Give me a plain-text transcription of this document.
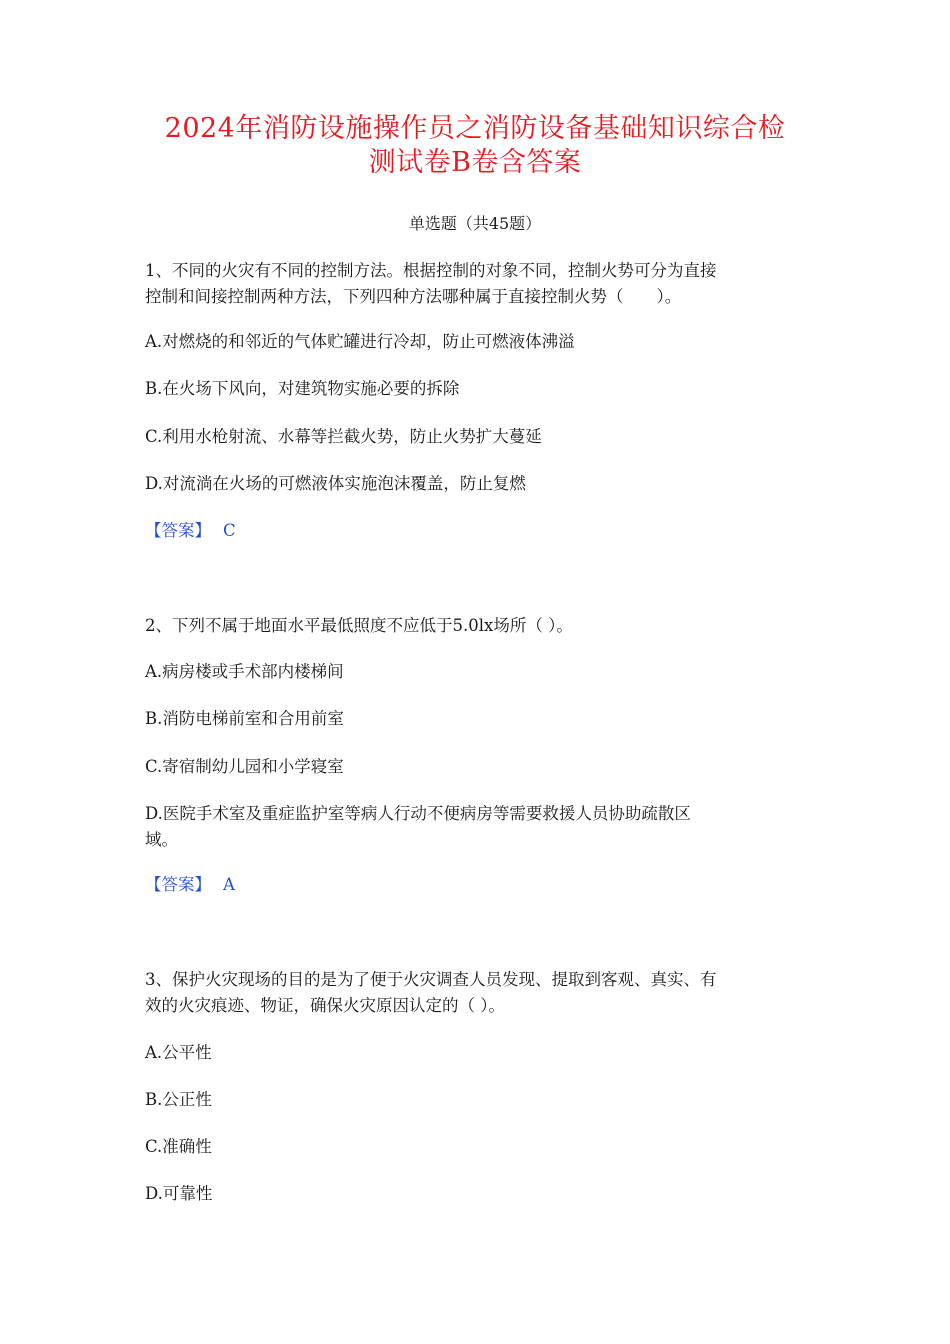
2024年消防设施操作员之消防设备基础知识综合检
测试卷B卷含答案
单选题（共45题）
1、不同的火灾有不同的控制方法。根据控制的对象不同，控制火势可分为直接
控制和间接控制两种方法，下列四种方法哪种属于直接控制火势（　　）。
A.对燃烧的和邻近的气体贮罐进行冷却，防止可燃液体沸溢
B.在火场下风向，对建筑物实施必要的拆除
C.利用水枪射流、水幕等拦截火势，防止火势扩大蔓延
D.对流淌在火场的可燃液体实施泡沫覆盖，防止复燃
【答案】 C
2、下列不属于地面水平最低照度不应低于5.0lx场所（ ）。
A.病房楼或手术部内楼梯间
B.消防电梯前室和合用前室
C.寄宿制幼儿园和小学寝室
D.医院手术室及重症监护室等病人行动不便病房等需要救援人员协助疏散区
域。
【答案】 A
3、保护火灾现场的目的是为了便于火灾调查人员发现、提取到客观、真实、有
效的火灾痕迹、物证，确保火灾原因认定的（ ）。
A.公平性
B.公正性
C.准确性
D.可靠性
